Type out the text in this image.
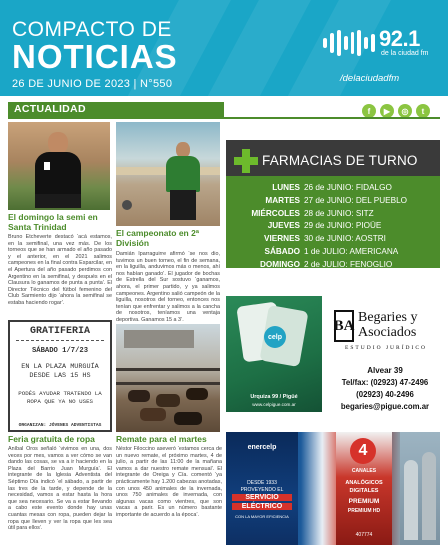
COMPACTO DE
NOTICIAS
26 DE JUNIO DE 2023 | N°550
92.1
de la ciudad fm
/delaciudadfm
f	▶	◎	t
ACTUALIDAD
El domingo la semi en Santa Trinidad
Bruno Etcheverte destacó ‘acá estamos, en la semifinal, una vez más. De los torneos que se han armado el año pasado y el anterior, en el 2021 salimos campeones en la final contra Esparcilar, en el Apertura del año pasado perdimos con Argentino en la semifinal, y después en el Clausura lo ganamos de punta a punta’. El Director Técnico del fútbol femenino del Club Sarmiento dijo ‘ahora la semifinal se estaba haciendo rogar’.
El campeonato en 2ª División
Damián Iparraguirre afirmó ‘se nos dio, tuvimos un buen torneo, el fin de semana, en la liguilla, anduvimos más o menos, ahí nos habían ganado’. El jugador de bochas de Estrella del Sur sostuvo ‘ganamos, ahora, el primer partido, y ya salimos campeones. Argentino salió campeón de la liguilla, nosotros del torneo, entonces nos tenían que enfrentar y salimos a la cancha de nosotros, teníamos una ventaja deportiva. Ganamos 15 a 3’.
GRATIFERIA
SÁBADO 1/7/23
EN LA PLAZA MURGUÍA DESDE LAS 15 HS
PODÉS AYUDAR TRATENDO LA ROPA QUE YA NO USES
ORGANIZAN: JÓVENES ADVENTISTAS
Feria gratuita de ropa
Aníbal Oros señaló ‘vivimos en una, dos veces por mes, vamos a ver cómo se van dando las cosas, se va a ir haciendo en la Plaza del Barrio Juan Murguía’. El integrante de la Iglesia Adventista del Séptimo Día indicó ‘el sábado, a partir de las tres de la tarde, y depende de la necesidad, vamos a estar hasta la hora que sea necesario. Se va a estar llevando a cabo este evento donde hay unas cuantas mesas con ropa, pueden dejar la ropa que lleven y ver la ropa que les sea útil para ellos’.
Remate para el martes
Néstor Filoccino aseveró ‘estamos cerca de un nuevo remate, el próximo martes, 4 de julio, a partir de las 11:00 de la mañana vamos a dar nuestro remate mensual’. El integrante de Oreiga y Cía. comentó ‘ya prácticamente hay 1.200 cabezas anotadas, con unos 450 animales de la invernada, unos 750 animales de invernada, con algunas vacas como vientres, que son vacas a parir. Es un número bastante importante de acuerdo a la época’.
FARMACIAS DE TURNO
LUNES 26 de JUNIO: FIDALGO
MARTES 27 de JUNIO: DEL PUEBLO
MIÉRCOLES 28 de JUNIO: SITZ
JUEVES 29 de JUNIO: PIOÜE
VIERNES 30 de JUNIO: AOSTRI
SÁBADO 1 de JULIO: AMERICANA
DOMINGO 2 de JULIO: FENOGLIO
celp
Urquiza 99 / Pigüé
www.celpigue.com.ar
BA Begaries y
Asociados
ESTUDIO JURÍDICO
Alvear 39
Tel/fax: (02923) 47-2496
(02923) 40-2496
begaries@pigue.com.ar
enercelp
DESDE 1933
PROVEYENDO EL
SERVICIO
ELÉCTRICO
CON LA MAYOR EFICIENCIA
4
CANALES
ANALÓGICOS
DIGITALES
PREMIUM
PREMIUM HD
407774
